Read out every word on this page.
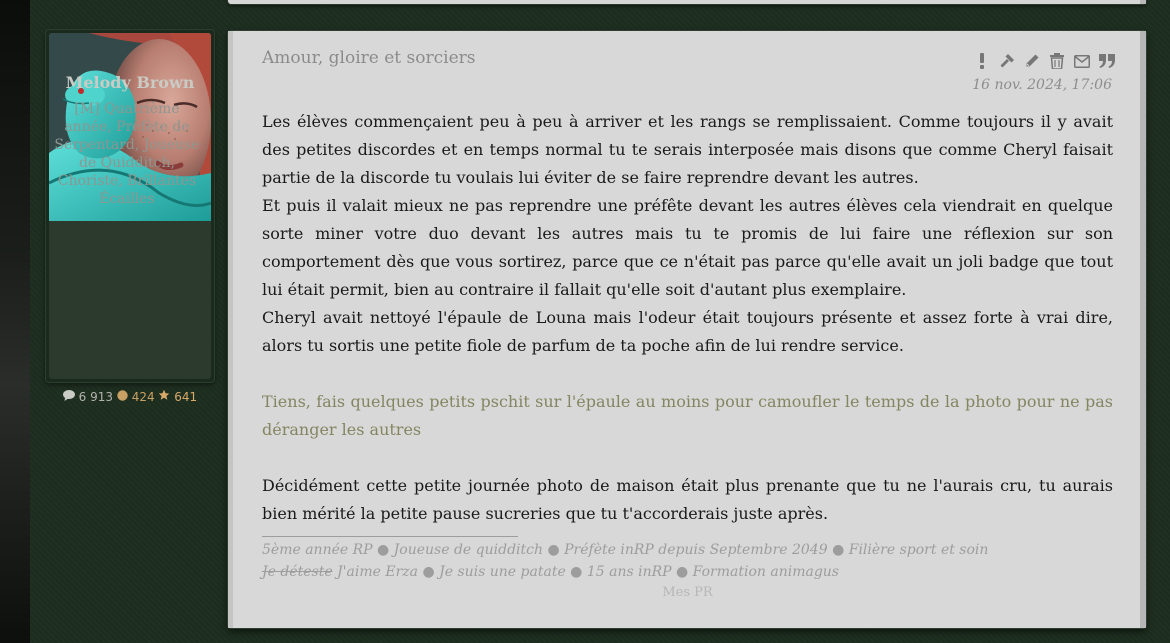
Melody Brown
[M] Quatrième année, Préfète de Serpentard, Joueuse de Quidditch, Choriste, Brillantes Écailles
6 913 424 641
Amour, gloire et sorciers
16 nov. 2024, 17:06

Les élèves commençaient peu à peu à arriver et les rangs se remplissaient. Comme toujours il y avait des petites discordes et en temps normal tu te serais interposée mais disons que comme Cheryl faisait partie de la discorde tu voulais lui éviter de se faire reprendre devant les autres.

Et puis il valait mieux ne pas reprendre une préfête devant les autres élèves cela viendrait en quelque sorte miner votre duo devant les autres mais tu te promis de lui faire une réflexion sur son comportement dès que vous sortirez, parce que ce n'était pas parce qu'elle avait un joli badge que tout lui était permit, bien au contraire il fallait qu'elle soit d'autant plus exemplaire.

Cheryl avait nettoyé l'épaule de Louna mais l'odeur était toujours présente et assez forte à vrai dire, alors tu sortis une petite fiole de parfum de ta poche afin de lui rendre service.

Tiens, fais quelques petits pschit sur l'épaule au moins pour camoufler le temps de la photo pour ne pas déranger les autres

Décidément cette petite journée photo de maison était plus prenante que tu ne l'aurais cru, tu aurais bien mérité la petite pause sucreries que tu t'accorderais juste après.

5ème année RP ● Joueuse de quidditch ● Préfète inRP depuis Septembre 2049 ● Filière sport et soin
Je déteste J'aime Erza ● Je suis une patate ● 15 ans inRP ● Formation animagus
Mes PR
